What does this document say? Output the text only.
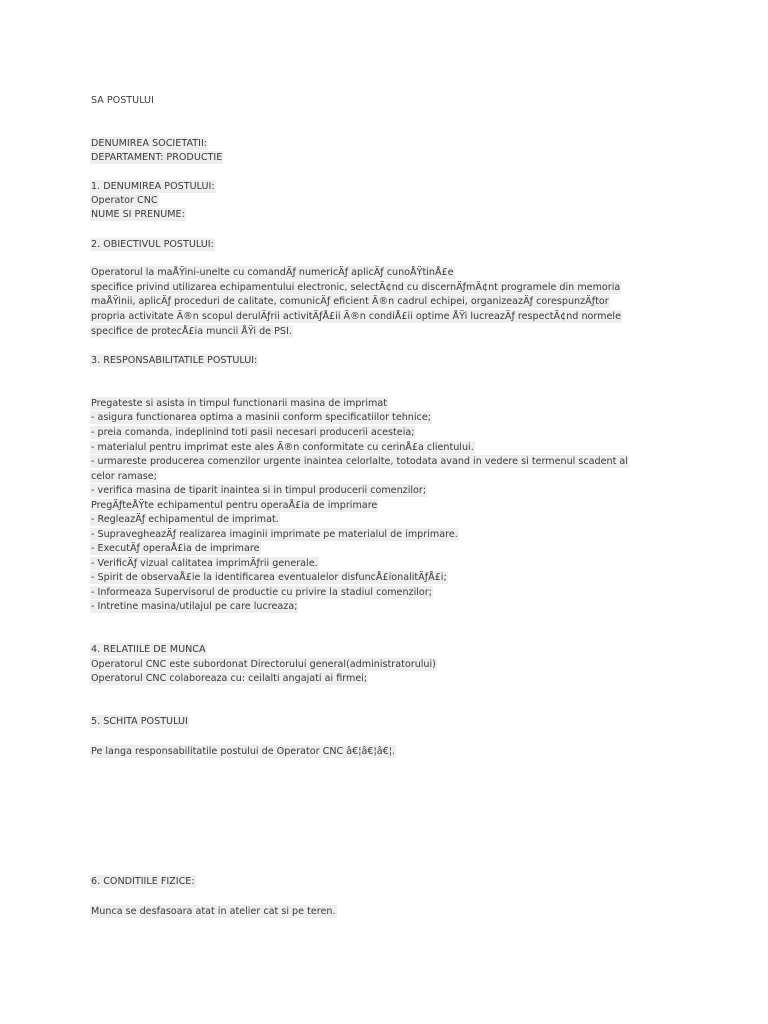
SA POSTULUI
DENUMIREA SOCIETATII:
DEPARTAMENT: PRODUCTIE
1. DENUMIREA POSTULUI:
Operator CNC
NUME SI PRENUME:
2. OBIECTIVUL POSTULUI:
Operatorul la maÅŸini-unelte cu comandÄƒ numericÄƒ aplicÄƒ cunoÅŸtinÅ£e
specifice privind utilizarea echipamentului electronic, selectÃ¢nd cu discernÄƒmÃ¢nt programele din memoria
maÅŸinii, aplicÄƒ proceduri de calitate, comunicÄƒ eficient Ã®n cadrul echipei, organizeazÄƒ corespunzÄƒtor
propria activitate Ã®n scopul derulÄƒrii activitÄƒÅ£ii Ã®n condiÅ£ii optime ÅŸi lucreazÄƒ respectÃ¢nd normele
specifice de protecÅ£ia muncii ÅŸi de PSI.
3. RESPONSABILITATILE POSTULUI:
Pregateste si asista in timpul functionarii masina de imprimat
- asigura functionarea optima a masinii conform specificatiilor tehnice;
- preia comanda, indeplinind toti pasii necesari producerii acesteia;
- materialul pentru imprimat este ales Ã®n conformitate cu cerinÅ£a clientului.
- urmareste producerea comenzilor urgente inaintea celorlalte, totodata avand in vedere si termenul scadent al
celor ramase;
- verifica masina de tiparit inaintea si in timpul producerii comenzilor;
PregÄƒteÅŸte echipamentul pentru operaÅ£ia de imprimare
- RegleazÄƒ echipamentul de imprimat.
- SupravegheazÄƒ realizarea imaginii imprimate pe materialul de imprimare.
- ExecutÄƒ operaÅ£ia de imprimare
- VerificÄƒ vizual calitatea imprimÄƒrii generale.
- Spirit de observaÅ£ie la identificarea eventualelor disfuncÅ£ionalitÄƒÅ£i;
- Informeaza Supervisorul de productie cu privire la stadiul comenzilor;
- Intretine masina/utilajul pe care lucreaza;
4. RELATIILE DE MUNCA
Operatorul CNC este subordonat Directorului general(administratorului)
Operatorul CNC colaboreaza cu: ceilalti angajati ai firmei;
5. SCHITA POSTULUI
Pe langa responsabilitatile postului de Operator CNC â€¦â€¦â€¦.
6. CONDITIILE FIZICE:
Munca se desfasoara atat in atelier cat si pe teren.
